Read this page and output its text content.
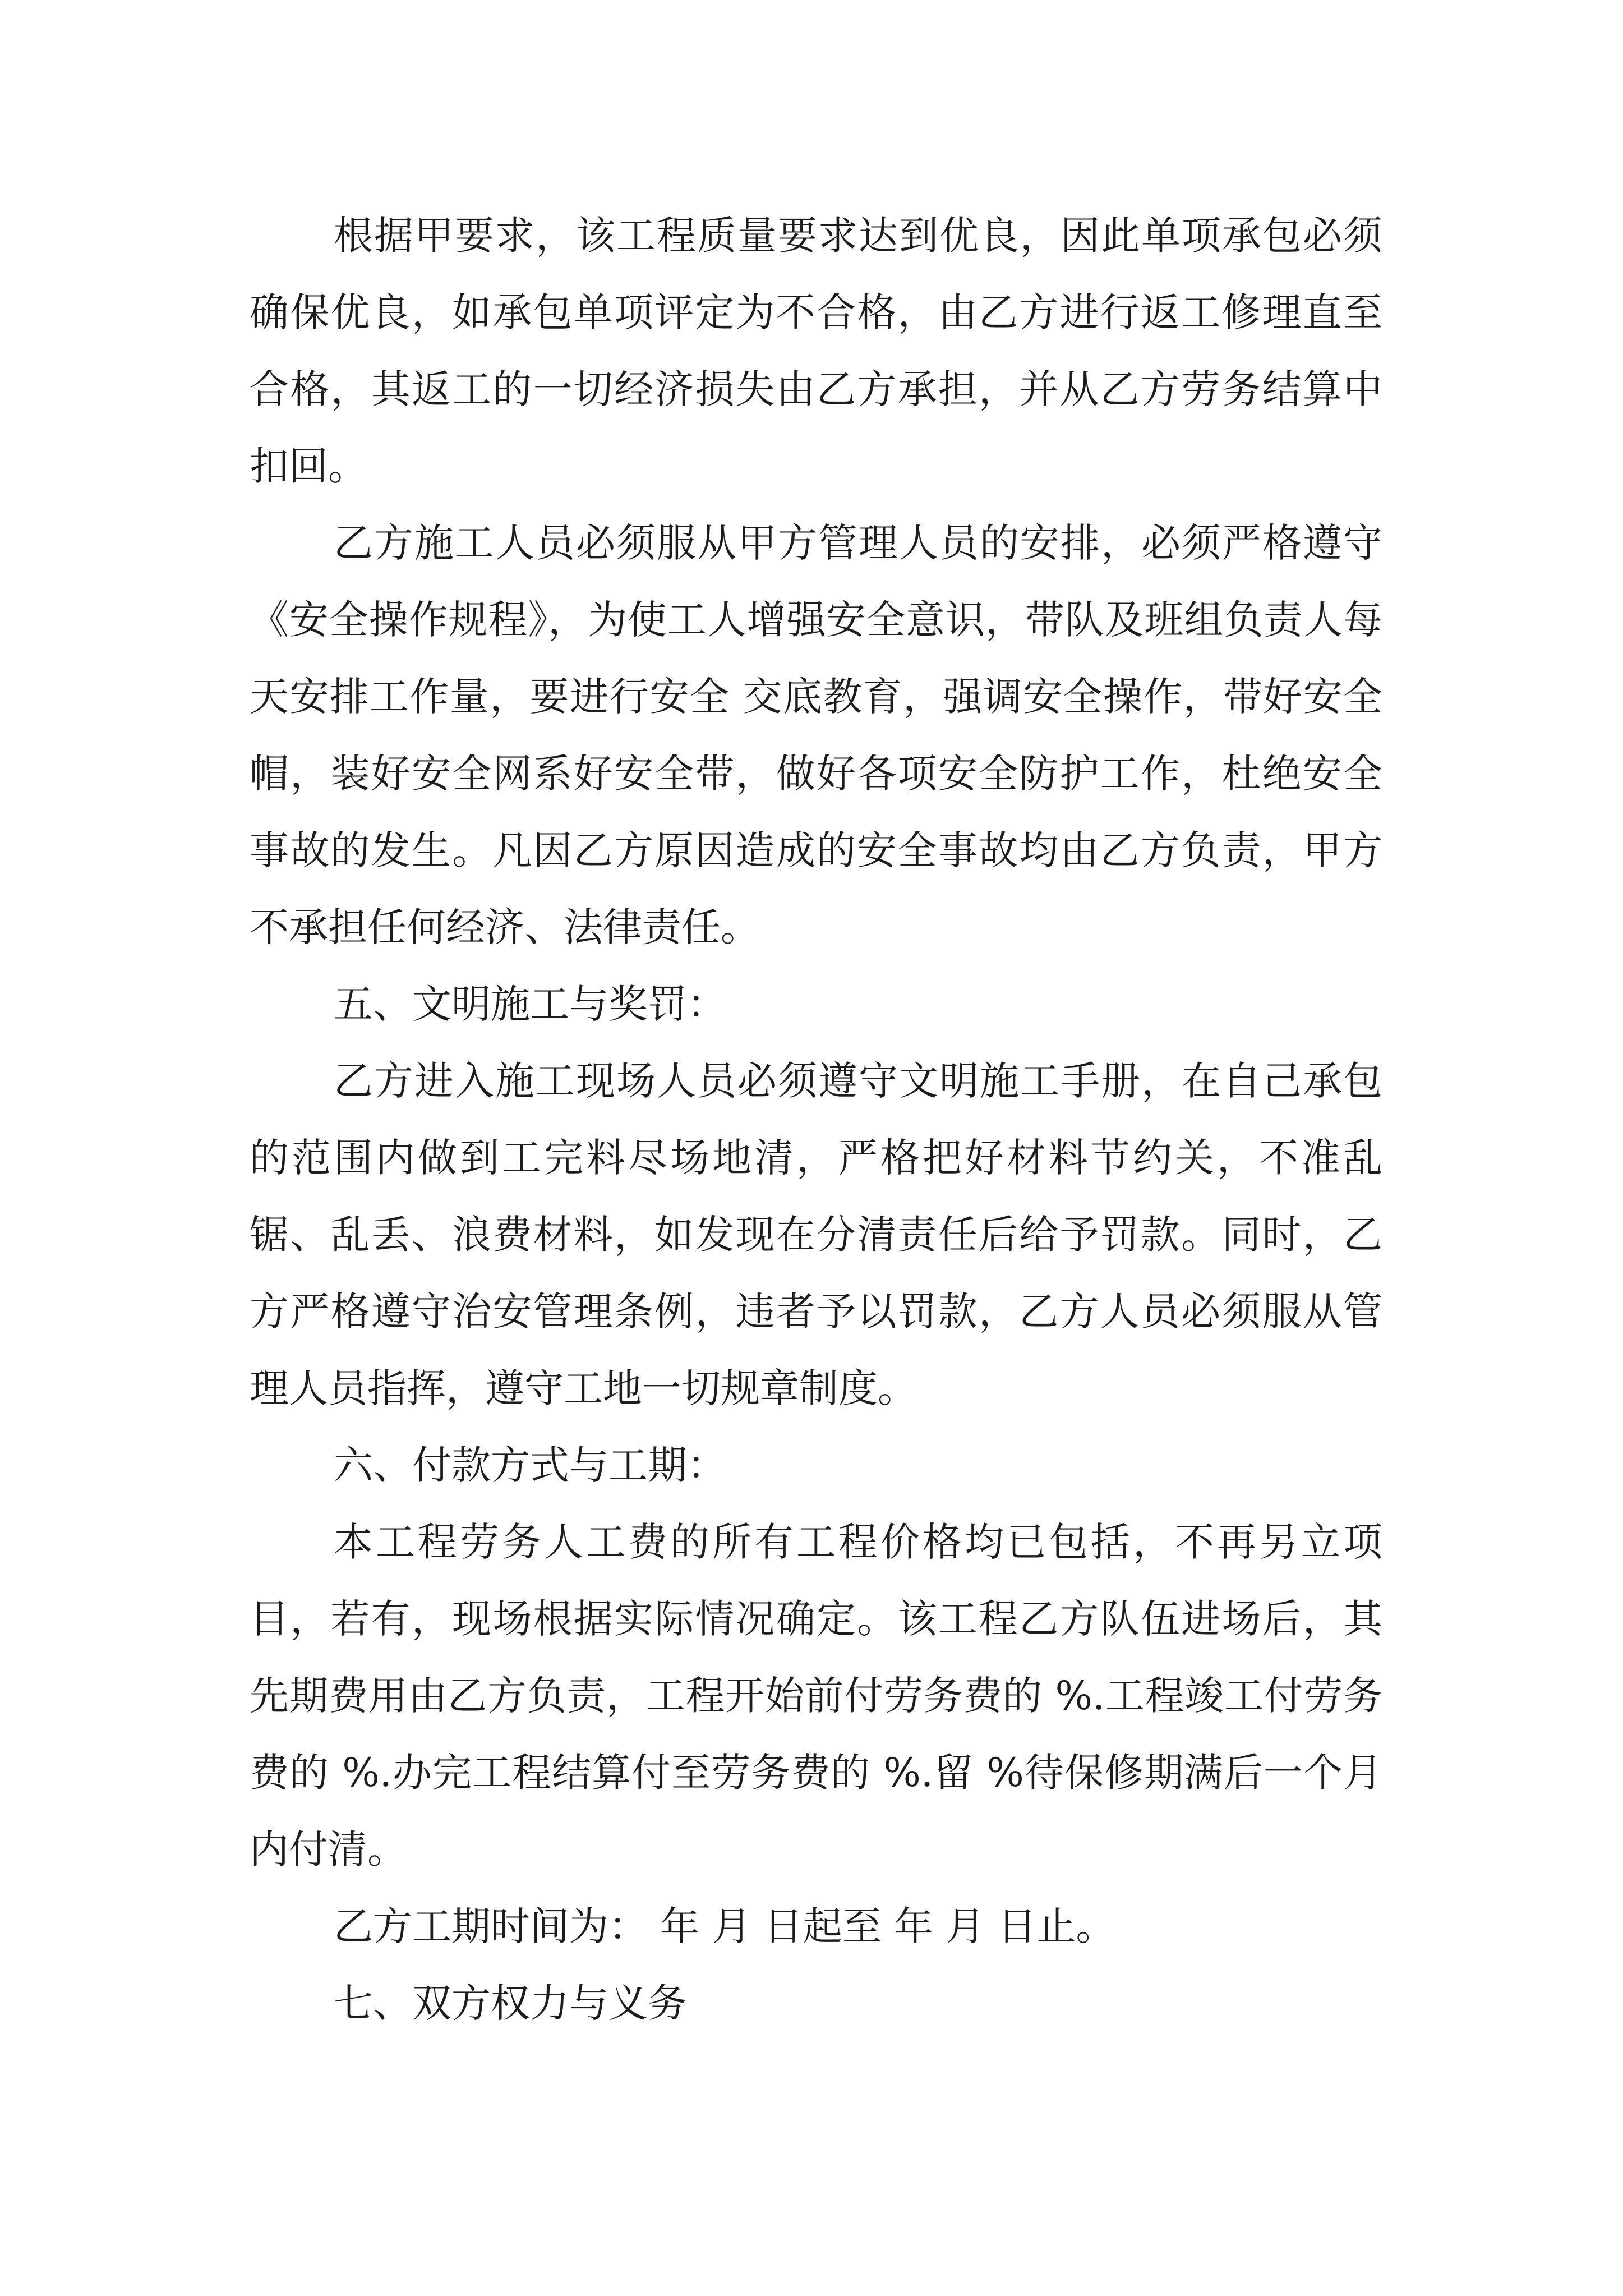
根据甲要求，该工程质量要求达到优良，因此单项承包必须确保优良，如承包单项评定为不合格，由乙方进行返工修理直至合格，其返工的一切经济损失由乙方承担，并从乙方劳务结算中扣回。

乙方施工人员必须服从甲方管理人员的安排，必须严格遵守《安全操作规程》，为使工人增强安全意识，带队及班组负责人每天安排工作量，要进行安全 交底教育，强调安全操作，带好安全帽，装好安全网系好安全带，做好各项安全防护工作，杜绝安全事故的发生。凡因乙方原因造成的安全事故均由乙方负责，甲方不承担任何经济、法律责任。

五、文明施工与奖罚：

乙方进入施工现场人员必须遵守文明施工手册，在自己承包的范围内做到工完料尽场地清，严格把好材料节约关，不准乱锯、乱丢、浪费材料，如发现在分清责任后给予罚款。同时，乙方严格遵守治安管理条例，违者予以罚款，乙方人员必须服从管理人员指挥，遵守工地一切规章制度。

六、付款方式与工期：

本工程劳务人工费的所有工程价格均已包括，不再另立项目，若有，现场根据实际情况确定。该工程乙方队伍进场后，其先期费用由乙方负责，工程开始前付劳务费的 %.工程竣工付劳务费的 %.办完工程结算付至劳务费的 %.留 %待保修期满后一个月内付清。

乙方工期时间为： 年 月 日起至 年 月 日止。

七、双方权力与义务
